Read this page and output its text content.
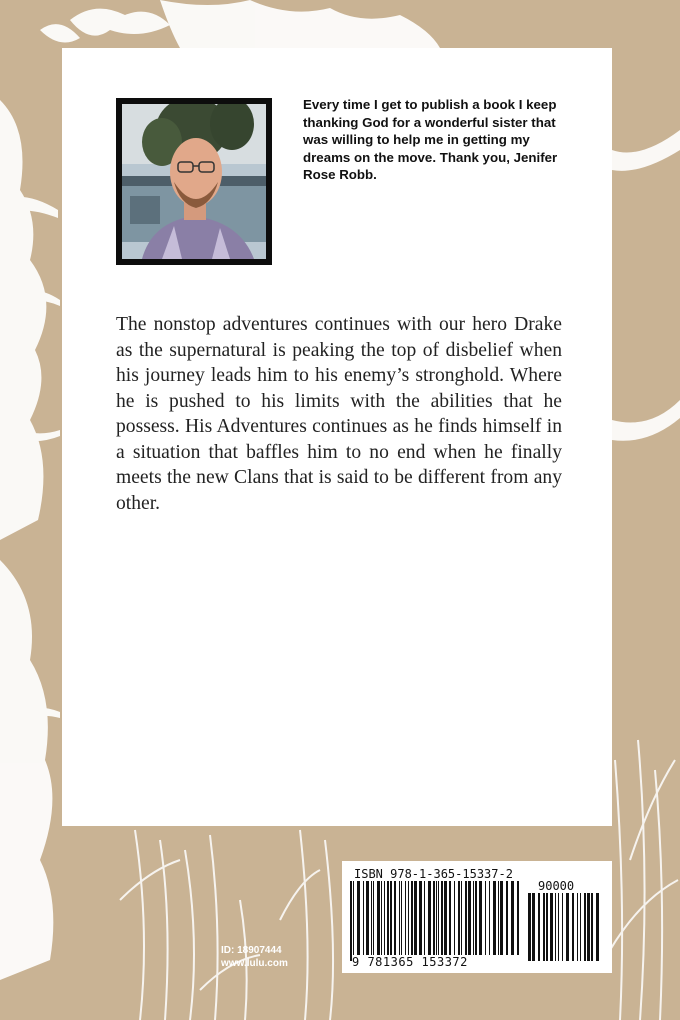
Every time I get to publish a book I keep thanking God for a wonderful sister that was willing to help me in getting my dreams on the move. Thank you, Jenifer Rose Robb.

The nonstop adventures continues with our hero Drake as the supernatural is peaking the top of disbelief when his journey leads him to his enemy’s stronghold. Where he is pushed to his limits with the abilities that he possess. His Adventures continues as he finds himself in a situation that baffles him to no end when he finally meets the new Clans that is said to be different from any other.

ID: 18907444
www.lulu.com
ISBN 978-1-365-15337-2
90000
9 781365 153372
